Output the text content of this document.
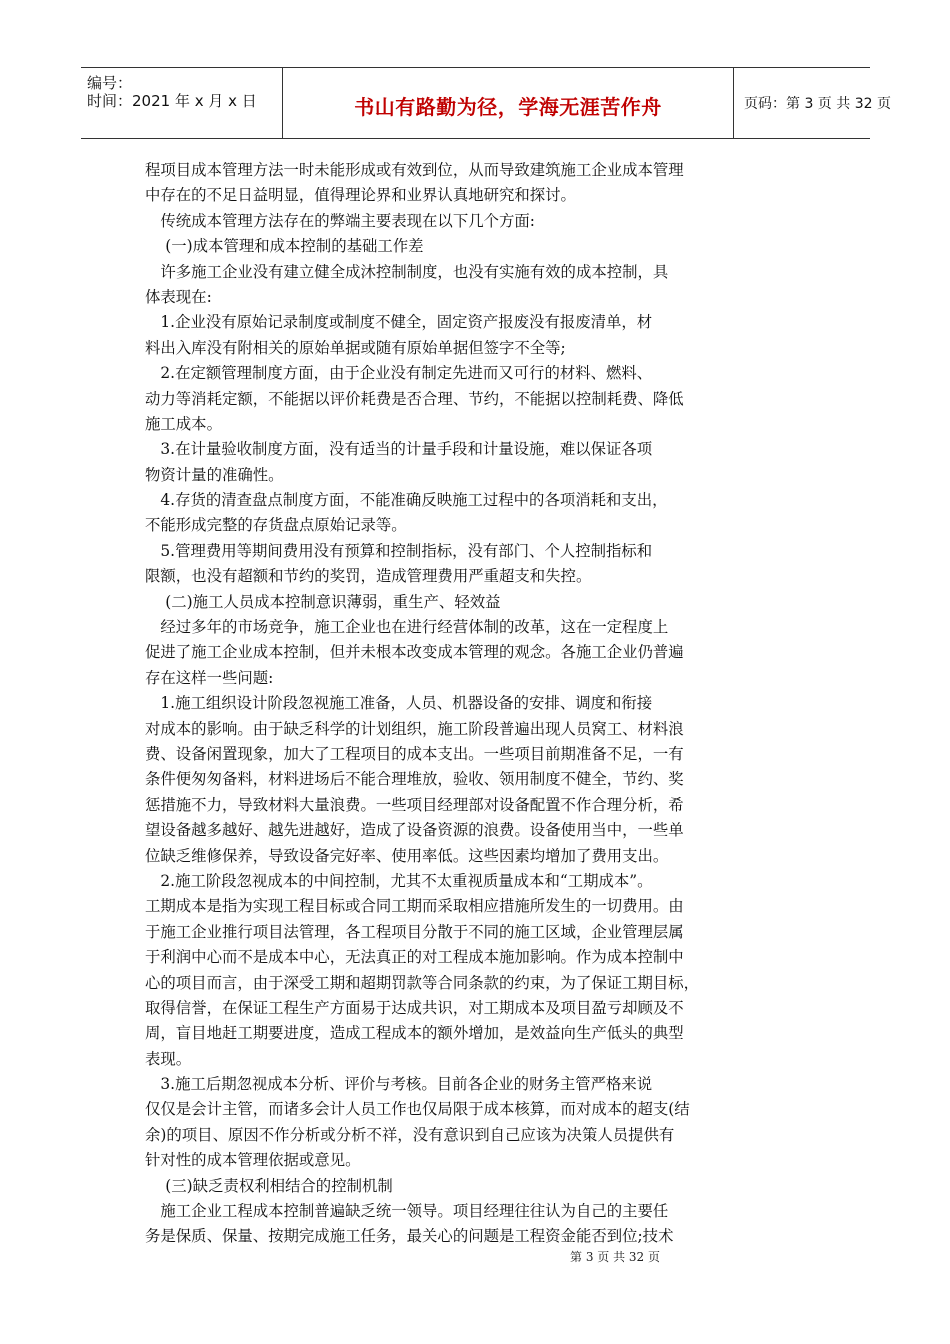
编号：
时间：2021 年 x 月 x 日	书山有路勤为径，学海无涯苦作舟	页码：第 3 页 共 32 页
程项目成本管理方法一时未能形成或有效到位，从而导致建筑施工企业成本管理
中存在的不足日益明显，值得理论界和业界认真地研究和探讨。
　传统成本管理方法存在的弊端主要表现在以下几个方面:
　 (一)成本管理和成本控制的基础工作差
　许多施工企业没有建立健全成沐控制制度，也没有实施有效的成本控制，具
体表现在:
　1.企业没有原始记录制度或制度不健全，固定资产报废没有报废清单，材
料出入库没有附相关的原始单据或随有原始单据但签字不全等;
　2.在定额管理制度方面，由于企业没有制定先进而又可行的材料、燃料、
动力等消耗定额，不能据以评价耗费是否合理、节约，不能据以控制耗费、降低
施工成本。
　3.在计量验收制度方面，没有适当的计量手段和计量设施，难以保证各项
物资计量的准确性。
　4.存货的清查盘点制度方面，不能准确反映施工过程中的各项消耗和支出，
不能形成完整的存货盘点原始记录等。
　5.管理费用等期间费用没有预算和控制指标，没有部门、个人控制指标和
限额，也没有超额和节约的奖罚，造成管理费用严重超支和失控。
　 (二)施工人员成本控制意识薄弱，重生产、轻效益
　经过多年的市场竞争，施工企业也在进行经营体制的改革，这在一定程度上
促进了施工企业成本控制，但并未根本改变成本管理的观念。各施工企业仍普遍
存在这样一些问题:
　1.施工组织设计阶段忽视施工准备，人员、机器设备的安排、调度和衔接
对成本的影响。由于缺乏科学的计划组织，施工阶段普遍出现人员窝工、材料浪
费、设备闲置现象，加大了工程项目的成本支出。一些项目前期准备不足，一有
条件便匆匆备料，材料进场后不能合理堆放，验收、领用制度不健全，节约、奖
惩措施不力，导致材料大量浪费。一些项目经理部对设备配置不作合理分析，希
望设备越多越好、越先进越好，造成了设备资源的浪费。设备使用当中，一些单
位缺乏维修保养，导致设备完好率、使用率低。这些因素均增加了费用支出。
　2.施工阶段忽视成本的中间控制，尤其不太重视质量成本和“工期成本”。
工期成本是指为实现工程目标或合同工期而采取相应措施所发生的一切费用。由
于施工企业推行项目法管理，各工程项目分散于不同的施工区域，企业管理层属
于利润中心而不是成本中心，无法真正的对工程成本施加影响。作为成本控制中
心的项目而言，由于深受工期和超期罚款等合同条款的约束，为了保证工期目标，
取得信誉，在保证工程生产方面易于达成共识，对工期成本及项目盈亏却顾及不
周，盲目地赶工期要进度，造成工程成本的额外增加，是效益向生产低头的典型
表现。
　3.施工后期忽视成本分析、评价与考核。目前各企业的财务主管严格来说
仅仅是会计主管，而诸多会计人员工作也仅局限于成本核算，而对成本的超支(结
余)的项目、原因不作分析或分析不祥，没有意识到自己应该为决策人员提供有
针对性的成本管理依据或意见。
　 (三)缺乏责权利相结合的控制机制
　施工企业工程成本控制普遍缺乏统一领导。项目经理往往认为自己的主要任
务是保质、保量、按期完成施工任务，最关心的问题是工程资金能否到位;技术
第 3 页 共 32 页
